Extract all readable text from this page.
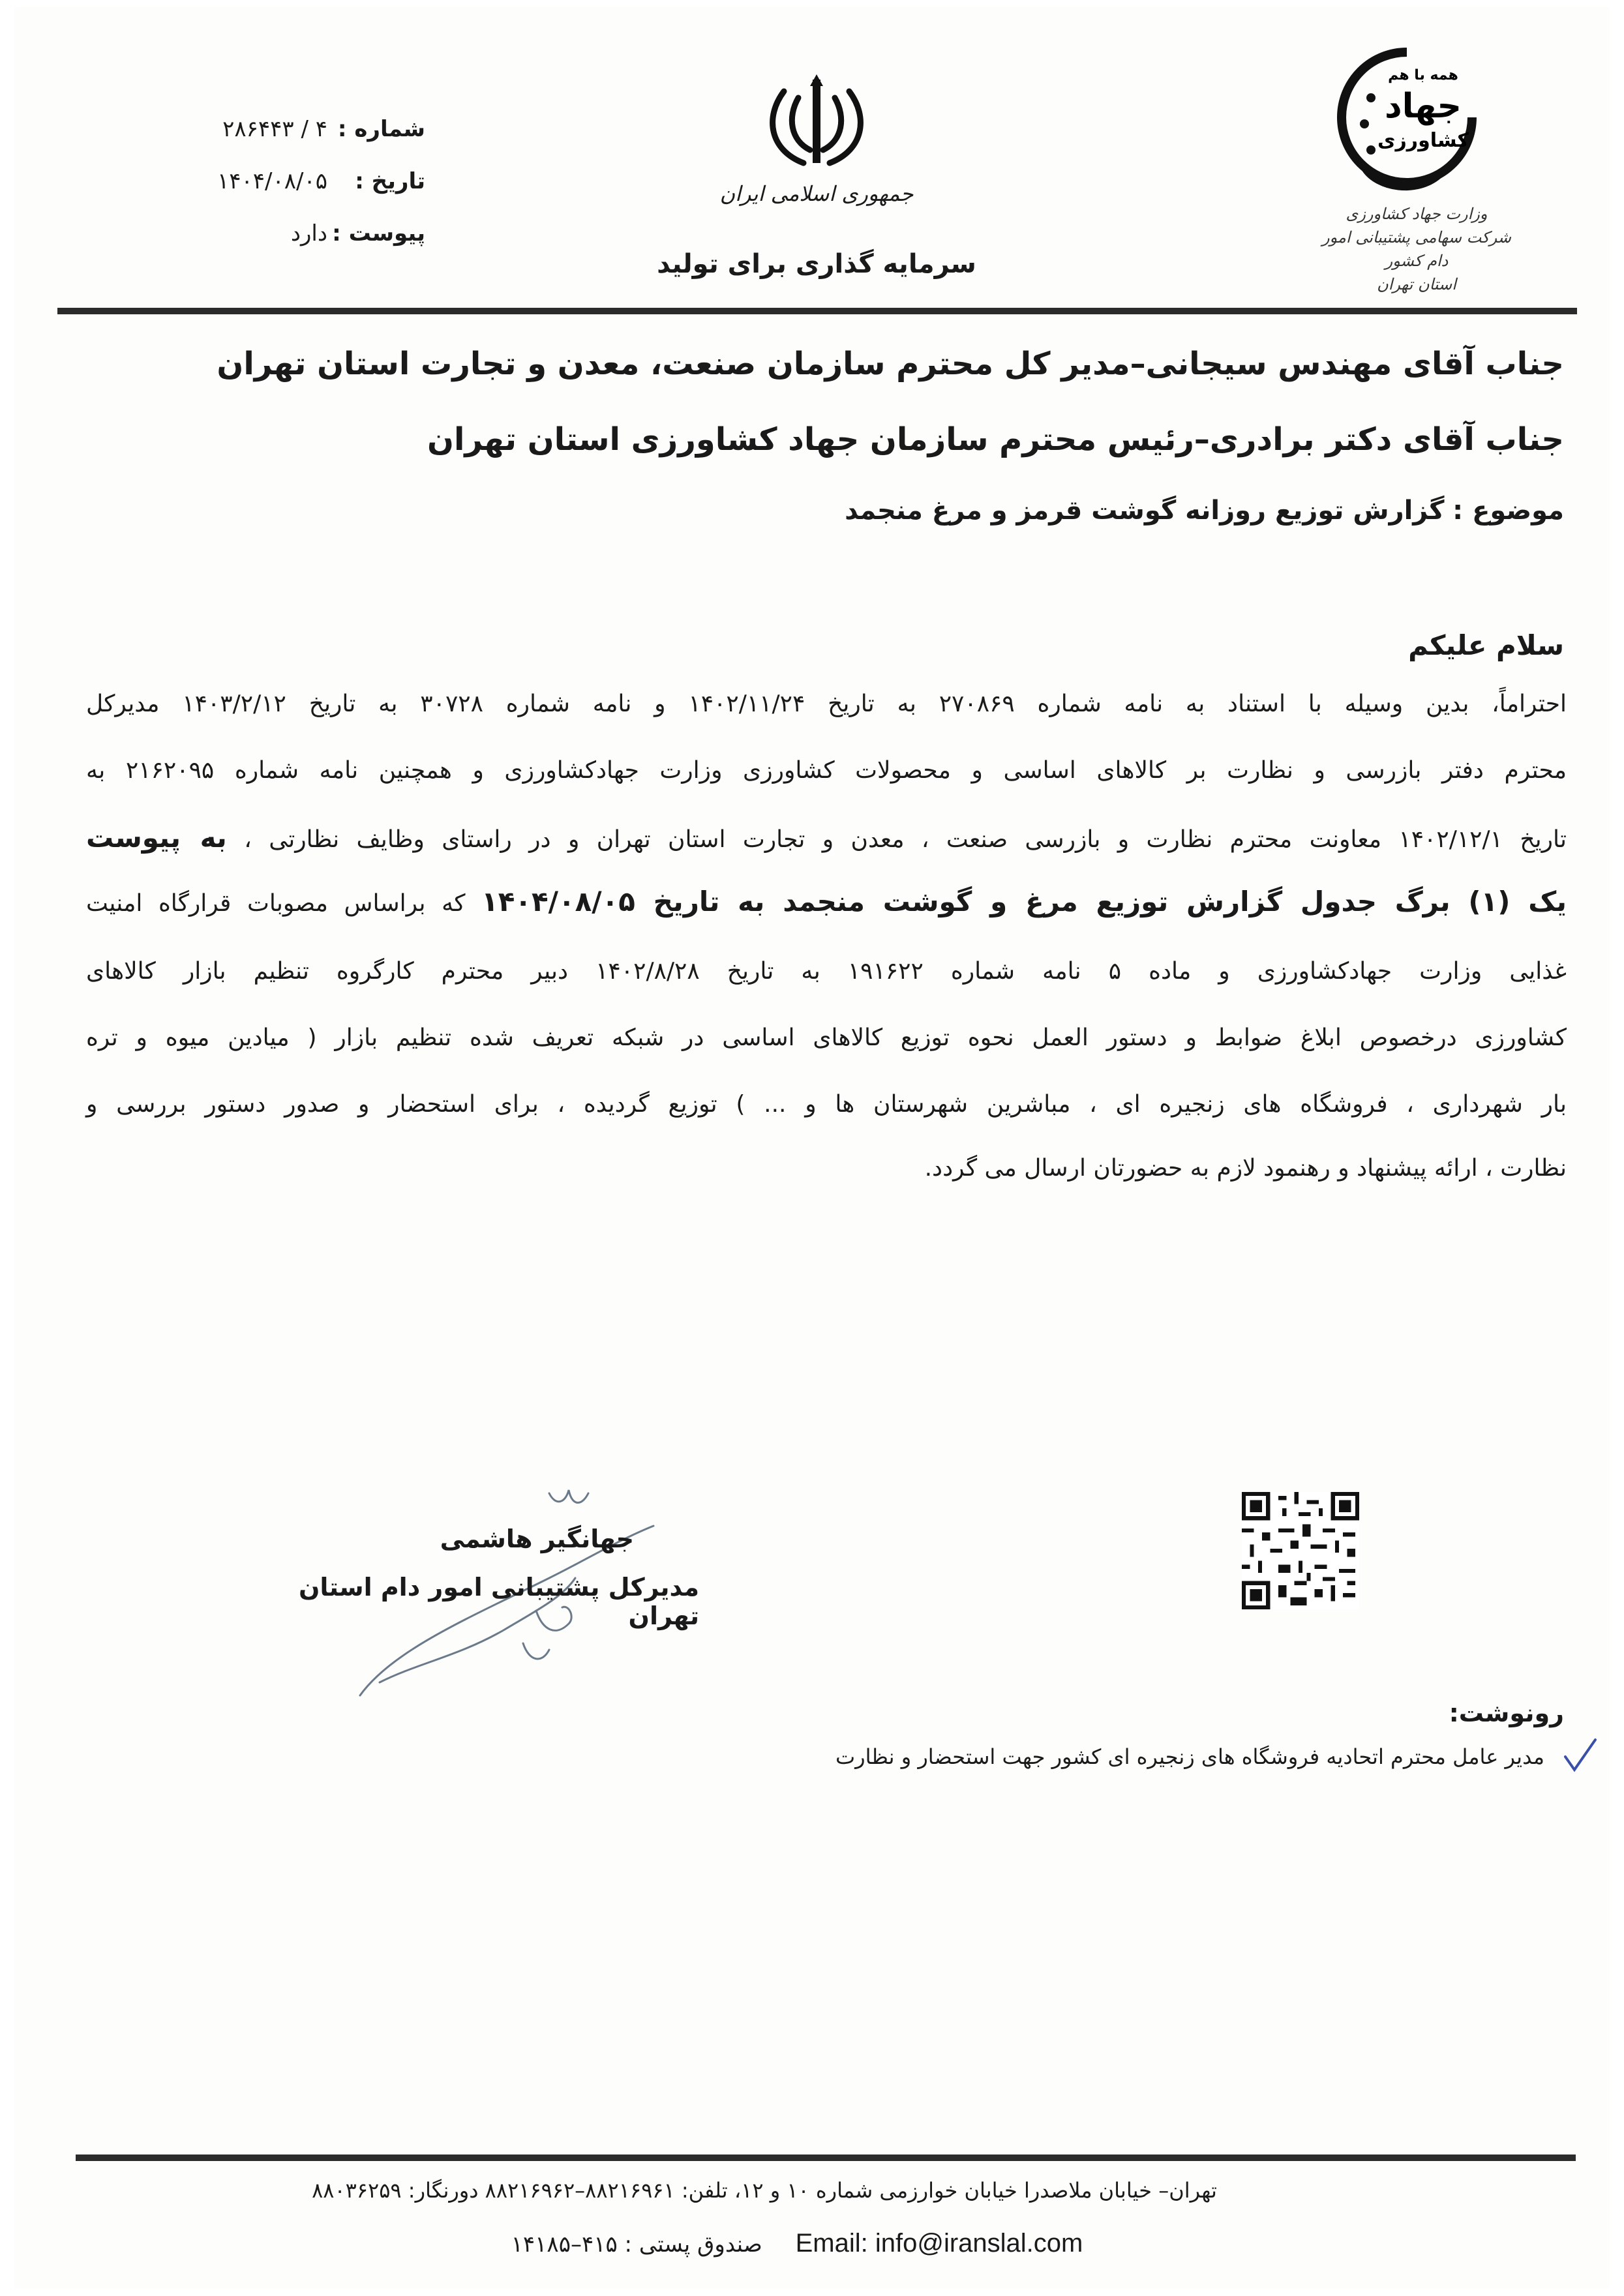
شماره :
۴ / ۲۸۶۴۴۳
تاریخ :
۱۴۰۴/۰۸/۰۵
پیوست :
دارد
جمهوری اسلامی ایران
سرمایه گذاری برای تولید
همه با هم
جهاد
کشاورزی
وزارت جهاد کشاورزی
شرکت سهامی پشتیبانی امور دام کشور
استان تهران
جناب آقای مهندس سیجانی–مدیر کل محترم سازمان صنعت، معدن و تجارت استان تهران
جناب آقای دکتر برادری–رئیس محترم سازمان جهاد کشاورزی استان تهران
موضوع : گزارش توزیع روزانه گوشت قرمز و مرغ منجمد
سلام علیکم
احتراماً، بدین وسیله با استناد به نامه شماره ۲۷۰۸۶۹ به تاریخ ۱۴۰۲/۱۱/۲۴ و نامه شماره ۳۰۷۲۸ به تاریخ ۱۴۰۳/۲/۱۲ مدیرکل
محترم دفتر بازرسی و نظارت بر کالاهای اساسی و محصولات کشاورزی وزارت جهادکشاورزی و همچنین نامه شماره ۲۱۶۲۰۹۵ به
تاریخ ۱۴۰۲/۱۲/۱ معاونت محترم نظارت و بازرسی صنعت ، معدن و تجارت استان تهران و در راستای وظایف نظارتی ، به پیوست
یک (۱) برگ جدول گزارش توزیع مرغ و گوشت منجمد به تاریخ ۱۴۰۴/۰۸/۰۵ که براساس مصوبات قرارگاه امنیت
غذایی وزارت جهادکشاورزی و ماده ۵ نامه شماره ۱۹۱۶۲۲ به تاریخ ۱۴۰۲/۸/۲۸ دبیر محترم کارگروه تنظیم بازار کالاهای
کشاورزی درخصوص ابلاغ ضوابط و دستور العمل نحوه توزیع کالاهای اساسی در شبکه تعریف شده تنظیم بازار ( میادین میوه و تره
بار شهرداری ، فروشگاه های زنجیره ای ، مباشرین شهرستان ها و ... ) توزیع گردیده ، برای استحضار و صدور دستور بررسی و
نظارت ، ارائه پیشنهاد و رهنمود لازم به حضورتان ارسال می گردد.
جهانگیر هاشمی
مدیرکل پشتیبانی امور دام استان تهران
رونوشت:
مدیر عامل محترم اتحادیه فروشگاه های زنجیره ای کشور جهت استحضار و نظارت
تهران– خیابان ملاصدرا خیابان خوارزمی شماره ۱۰ و ۱۲، تلفن: ۸۸۲۱۶۹۶۱–۸۸۲۱۶۹۶۲ دورنگار: ۸۸۰۳۶۲۵۹
صندوق پستی : ۴۱۵–۱۴۱۸۵ Email: info@iranslal.com
